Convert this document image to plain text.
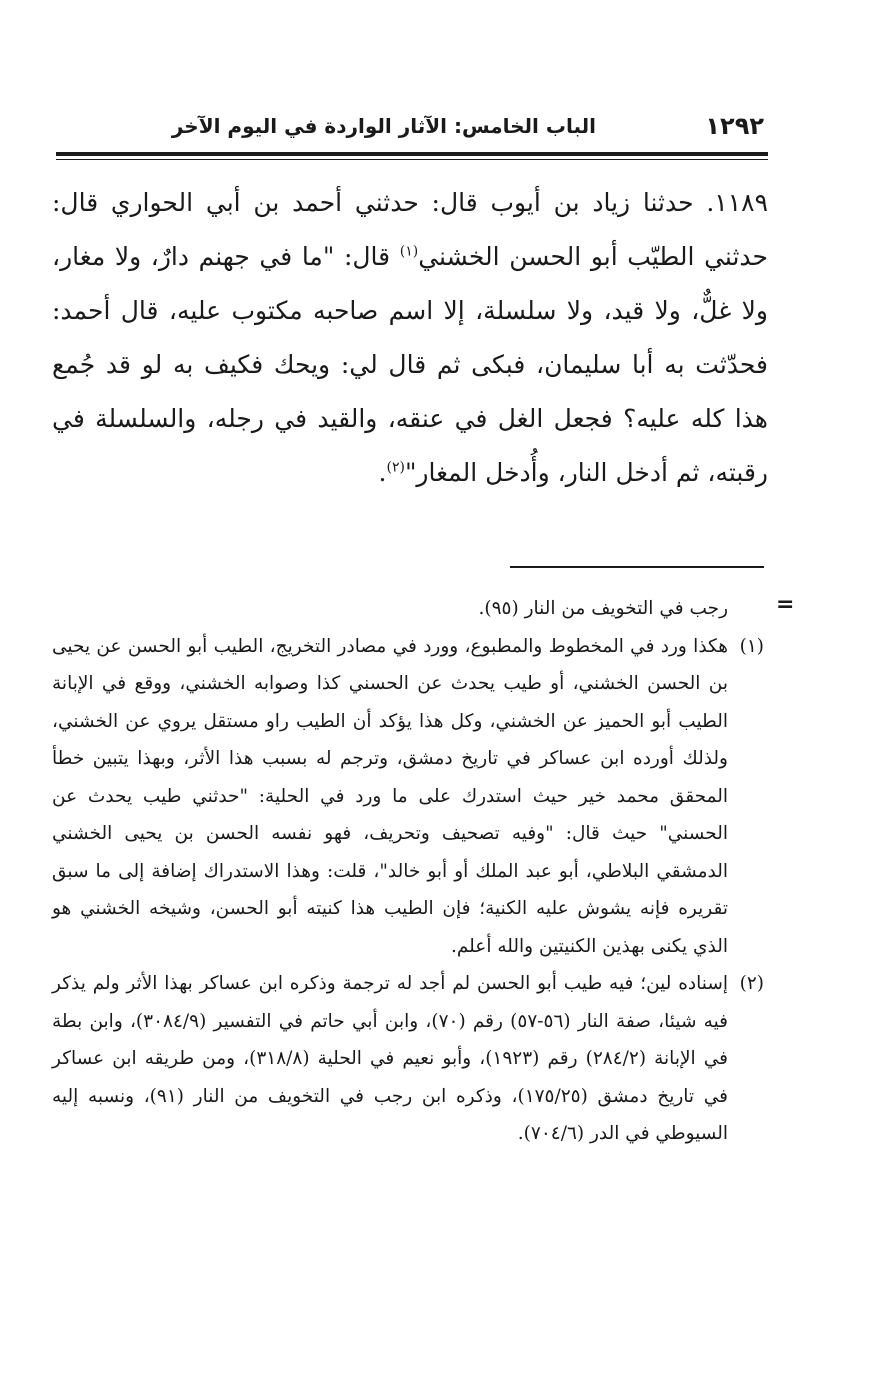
١٢٩٢
الباب الخامس: الآثار الواردة في اليوم الآخر

١١٨٩. حدثنا زياد بن أيوب قال: حدثني أحمد بن أبي الحواري قال: حدثني الطيّب أبو الحسن الخشني$^{(١)}$ قال: "ما في جهنم دارٌ، ولا مغار، ولا غلٌّ، ولا قيد، ولا سلسلة، إلا اسم صاحبه مكتوب عليه، قال أحمد: فحدّثت به أبا سليمان، فبكى ثم قال لي: ويحك فكيف به لو قد جُمع هذا كله عليه؟ فجعل الغل في عنقه، والقيد في رجله، والسلسلة في رقبته، ثم أدخل النار، وأُدخل المغار"$^{(٢)}$.

=

رجب في التخويف من النار (٩٥).

(١)هكذا ورد في المخطوط والمطبوع، وورد في مصادر التخريج، الطيب أبو الحسن عن يحيى بن الحسن الخشني، أو طيب يحدث عن الحسني كذا وصوابه الخشني، ووقع في الإبانة الطيب أبو الحميز عن الخشني، وكل هذا يؤكد أن الطيب راو مستقل يروي عن الخشني، ولذلك أورده ابن عساكر في تاريخ دمشق، وترجم له بسبب هذا الأثر، وبهذا يتبين خطأ المحقق محمد خير حيث استدرك على ما ورد في الحلية: "حدثني طيب يحدث عن الحسني" حيث قال: "وفيه تصحيف وتحريف، فهو نفسه الحسن بن يحيى الخشني الدمشقي البلاطي، أبو عبد الملك أو أبو خالد"، قلت: وهذا الاستدراك إضافة إلى ما سبق تقريره فإنه يشوش عليه الكنية؛ فإن الطيب هذا كنيته أبو الحسن، وشيخه الخشني هو الذي يكنى بهذين الكنيتين والله أعلم.

(٢)إسناده لين؛ فيه طيب أبو الحسن لم أجد له ترجمة وذكره ابن عساكر بهذا الأثر ولم يذكر فيه شيئا، صفة النار (٥٦-٥٧) رقم (٧٠)، وابن أبي حاتم في التفسير (٣٠٨٤/٩)، وابن بطة في الإبانة (٢٨٤/٢) رقم (١٩٢٣)، وأبو نعيم في الحلية (٣١٨/٨)، ومن طريقه ابن عساكر في تاريخ دمشق (١٧٥/٢٥)، وذكره ابن رجب في التخويف من النار (٩١)، ونسبه إليه السيوطي في الدر (٧٠٤/٦).
